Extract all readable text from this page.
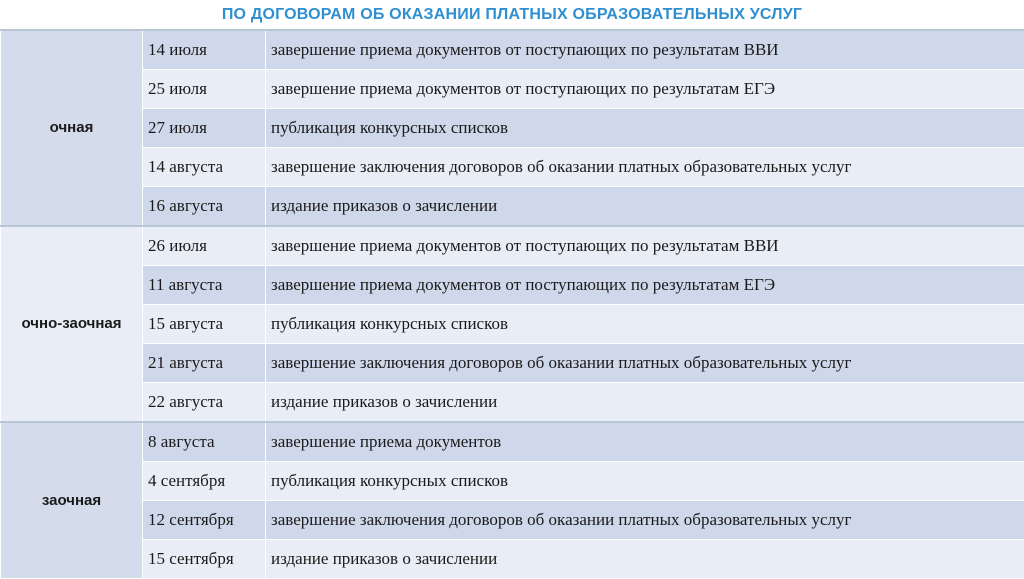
ПО ДОГОВОРАМ ОБ ОКАЗАНИИ ПЛАТНЫХ ОБРАЗОВАТЕЛЬНЫХ УСЛУГ
очная	14 июля	завершение приема документов от поступающих по результатам ВВИ
	25 июля	завершение приема документов от поступающих по результатам ЕГЭ
	27 июля	публикация конкурсных списков
	14 августа	завершение заключения договоров об оказании платных образовательных услуг
	16 августа	издание приказов о зачислении
очно-заочная	26 июля	завершение приема документов от поступающих по результатам ВВИ
	11 августа	завершение приема документов от поступающих по результатам ЕГЭ
	15 августа	публикация конкурсных списков
	21 августа	завершение заключения договоров об оказании платных образовательных услуг
	22 августа	издание приказов о зачислении
заочная	8 августа	завершение приема документов
	4 сентября	публикация конкурсных списков
	12 сентября	завершение заключения договоров об оказании платных образовательных услуг
	15 сентября	издание приказов о зачислении
